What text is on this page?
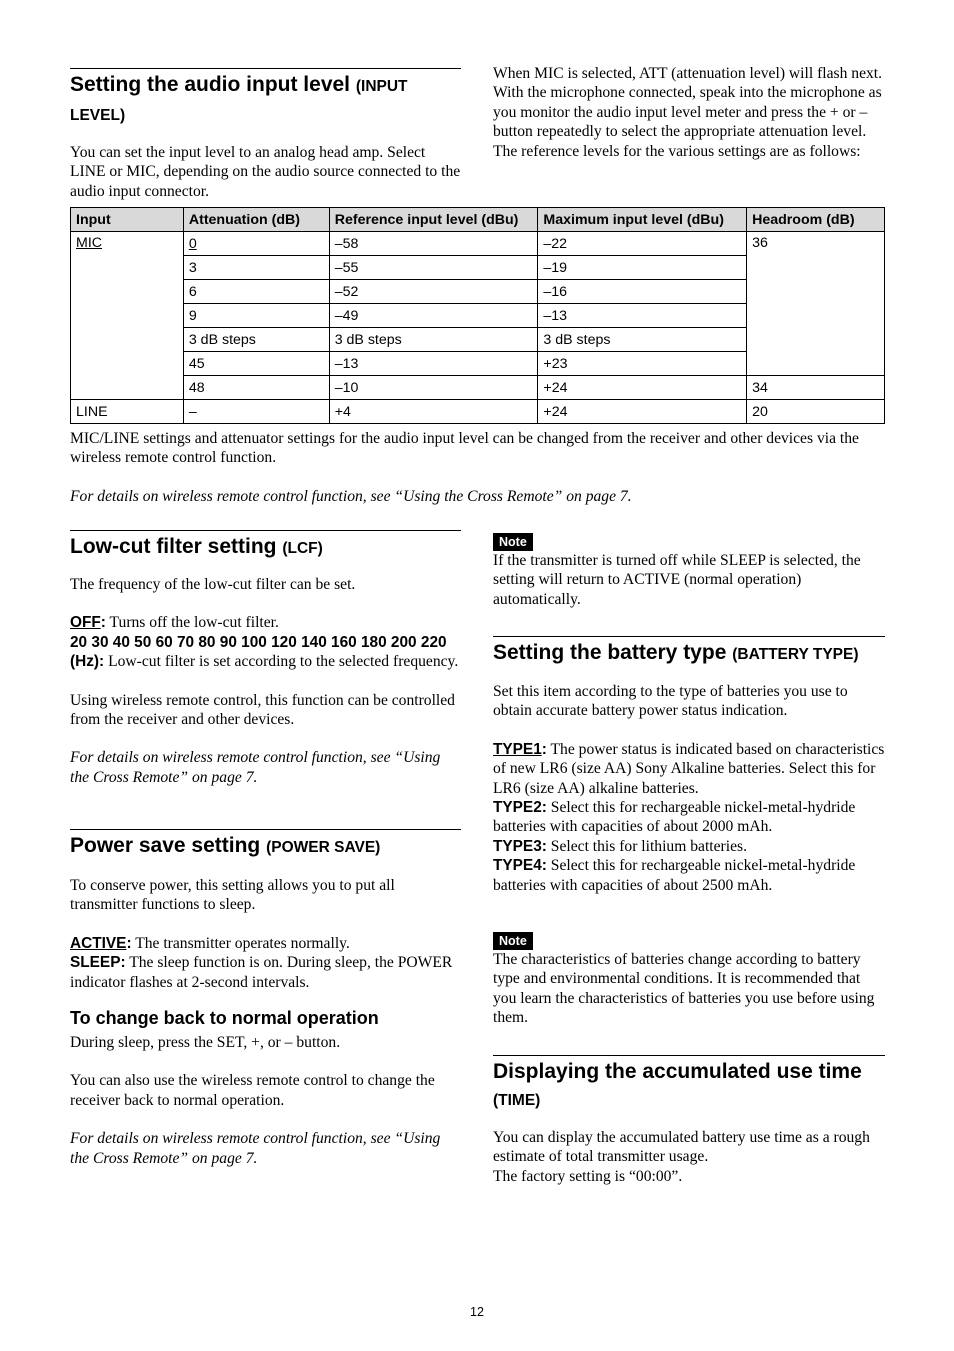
Setting the audio input level (INPUT LEVEL)

You can set the input level to an analog head amp. Select LINE or MIC, depending on the audio source connected to the audio input connector.

When MIC is selected, ATT (attenuation level) will flash next. With the microphone connected, speak into the microphone as you monitor the audio input level meter and press the + or – button repeatedly to select the appropriate attenuation level.

The reference levels for the various settings are as follows:

Input	Attenuation (dB)	Reference input level (dBu)	Maximum input level (dBu)	Headroom (dB)
MIC	0	–58	–22	36
	3	–55	–19	
	6	–52	–16	
	9	–49	–13	
	3 dB steps	3 dB steps	3 dB steps	
	45	–13	+23	
	48	–10	+24	34
LINE	–	+4	+24	20

MIC/LINE settings and attenuator settings for the audio input level can be changed from the receiver and other devices via the wireless remote control function.

For details on wireless remote control function, see “Using the Cross Remote” on page 7.

Low-cut filter setting (LCF)

The frequency of the low-cut filter can be set.

OFF: Turns off the low-cut filter.

20 30 40 50 60 70 80 90 100 120 140 160 180 200 220 (Hz): Low-cut filter is set according to the selected frequency.

Using wireless remote control, this function can be controlled from the receiver and other devices.

For details on wireless remote control function, see “Using the Cross Remote” on page 7.

Power save setting (POWER SAVE)

To conserve power, this setting allows you to put all transmitter functions to sleep.

ACTIVE: The transmitter operates normally.

SLEEP: The sleep function is on. During sleep, the POWER indicator flashes at 2-second intervals.

To change back to normal operation

During sleep, press the SET, +, or – button.

You can also use the wireless remote control to change the receiver back to normal operation.

For details on wireless remote control function, see “Using the Cross Remote” on page 7.

Note

If the transmitter is turned off while SLEEP is selected, the setting will return to ACTIVE (normal operation) automatically.

Setting the battery type (BATTERY TYPE)

Set this item according to the type of batteries you use to obtain accurate battery power status indication.

TYPE1: The power status is indicated based on characteristics of new LR6 (size AA) Sony Alkaline batteries. Select this for LR6 (size AA) alkaline batteries.

TYPE2: Select this for rechargeable nickel-metal-hydride batteries with capacities of about 2000 mAh.

TYPE3: Select this for lithium batteries.

TYPE4: Select this for rechargeable nickel-metal-hydride batteries with capacities of about 2500 mAh.

Note

The characteristics of batteries change according to battery type and environmental conditions. It is recommended that you learn the characteristics of batteries you use before using them.

Displaying the accumulated use time (TIME)

You can display the accumulated battery use time as a rough estimate of total transmitter usage.

The factory setting is “00:00”.

12
